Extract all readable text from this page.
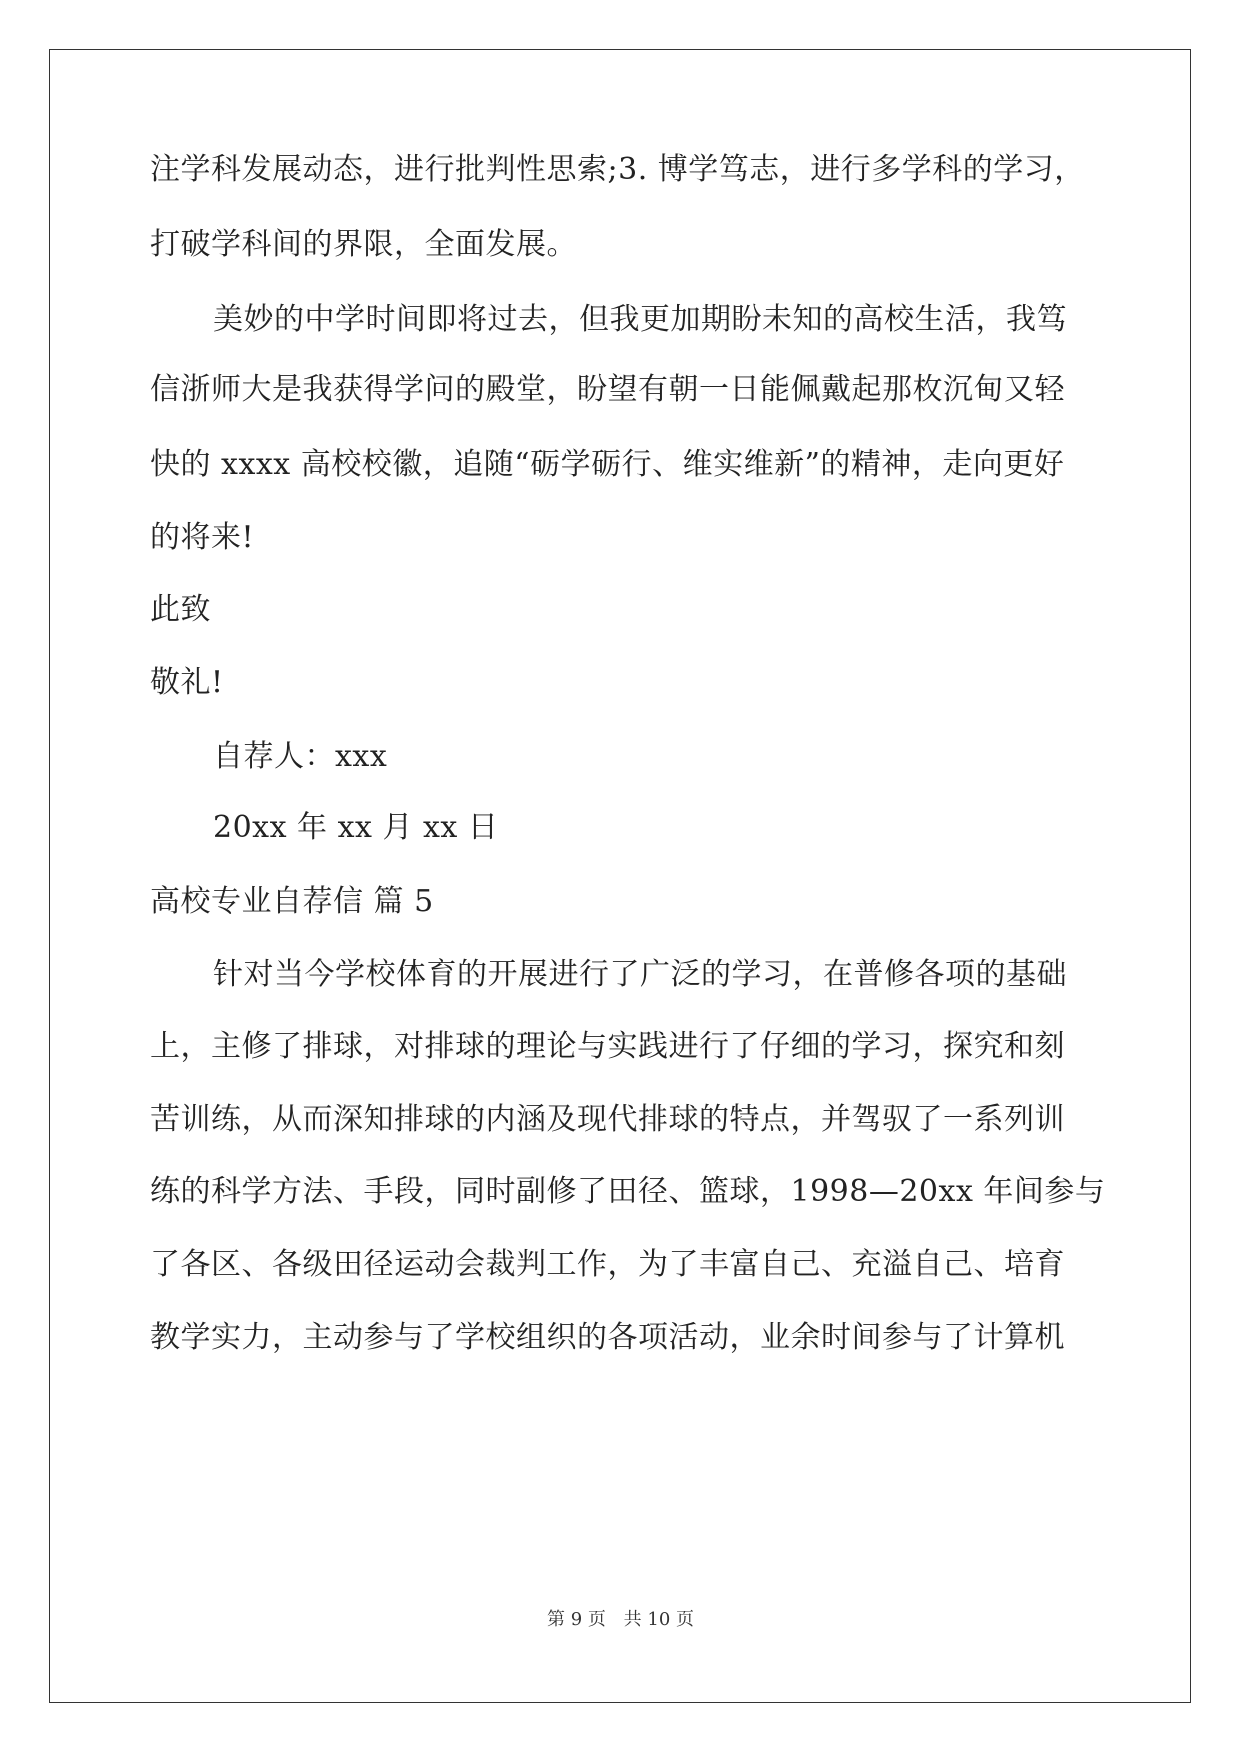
注学科发展动态，进行批判性思索;3. 博学笃志，进行多学科的学习，
打破学科间的界限，全面发展。
美妙的中学时间即将过去，但我更加期盼未知的高校生活，我笃
信浙师大是我获得学问的殿堂，盼望有朝一日能佩戴起那枚沉甸又轻
快的 xxxx 高校校徽，追随“砺学砺行、维实维新”的精神，走向更好
的将来!
此致
敬礼!
自荐人：xxx
20xx 年 xx 月 xx 日
高校专业自荐信 篇 5
针对当今学校体育的开展进行了广泛的学习，在普修各项的基础
上，主修了排球，对排球的理论与实践进行了仔细的学习，探究和刻
苦训练，从而深知排球的内涵及现代排球的特点，并驾驭了一系列训
练的科学方法、手段，同时副修了田径、篮球，1998—20xx 年间参与
了各区、各级田径运动会裁判工作，为了丰富自己、充溢自己、培育
教学实力，主动参与了学校组织的各项活动，业余时间参与了计算机
第 9 页 共 10 页
